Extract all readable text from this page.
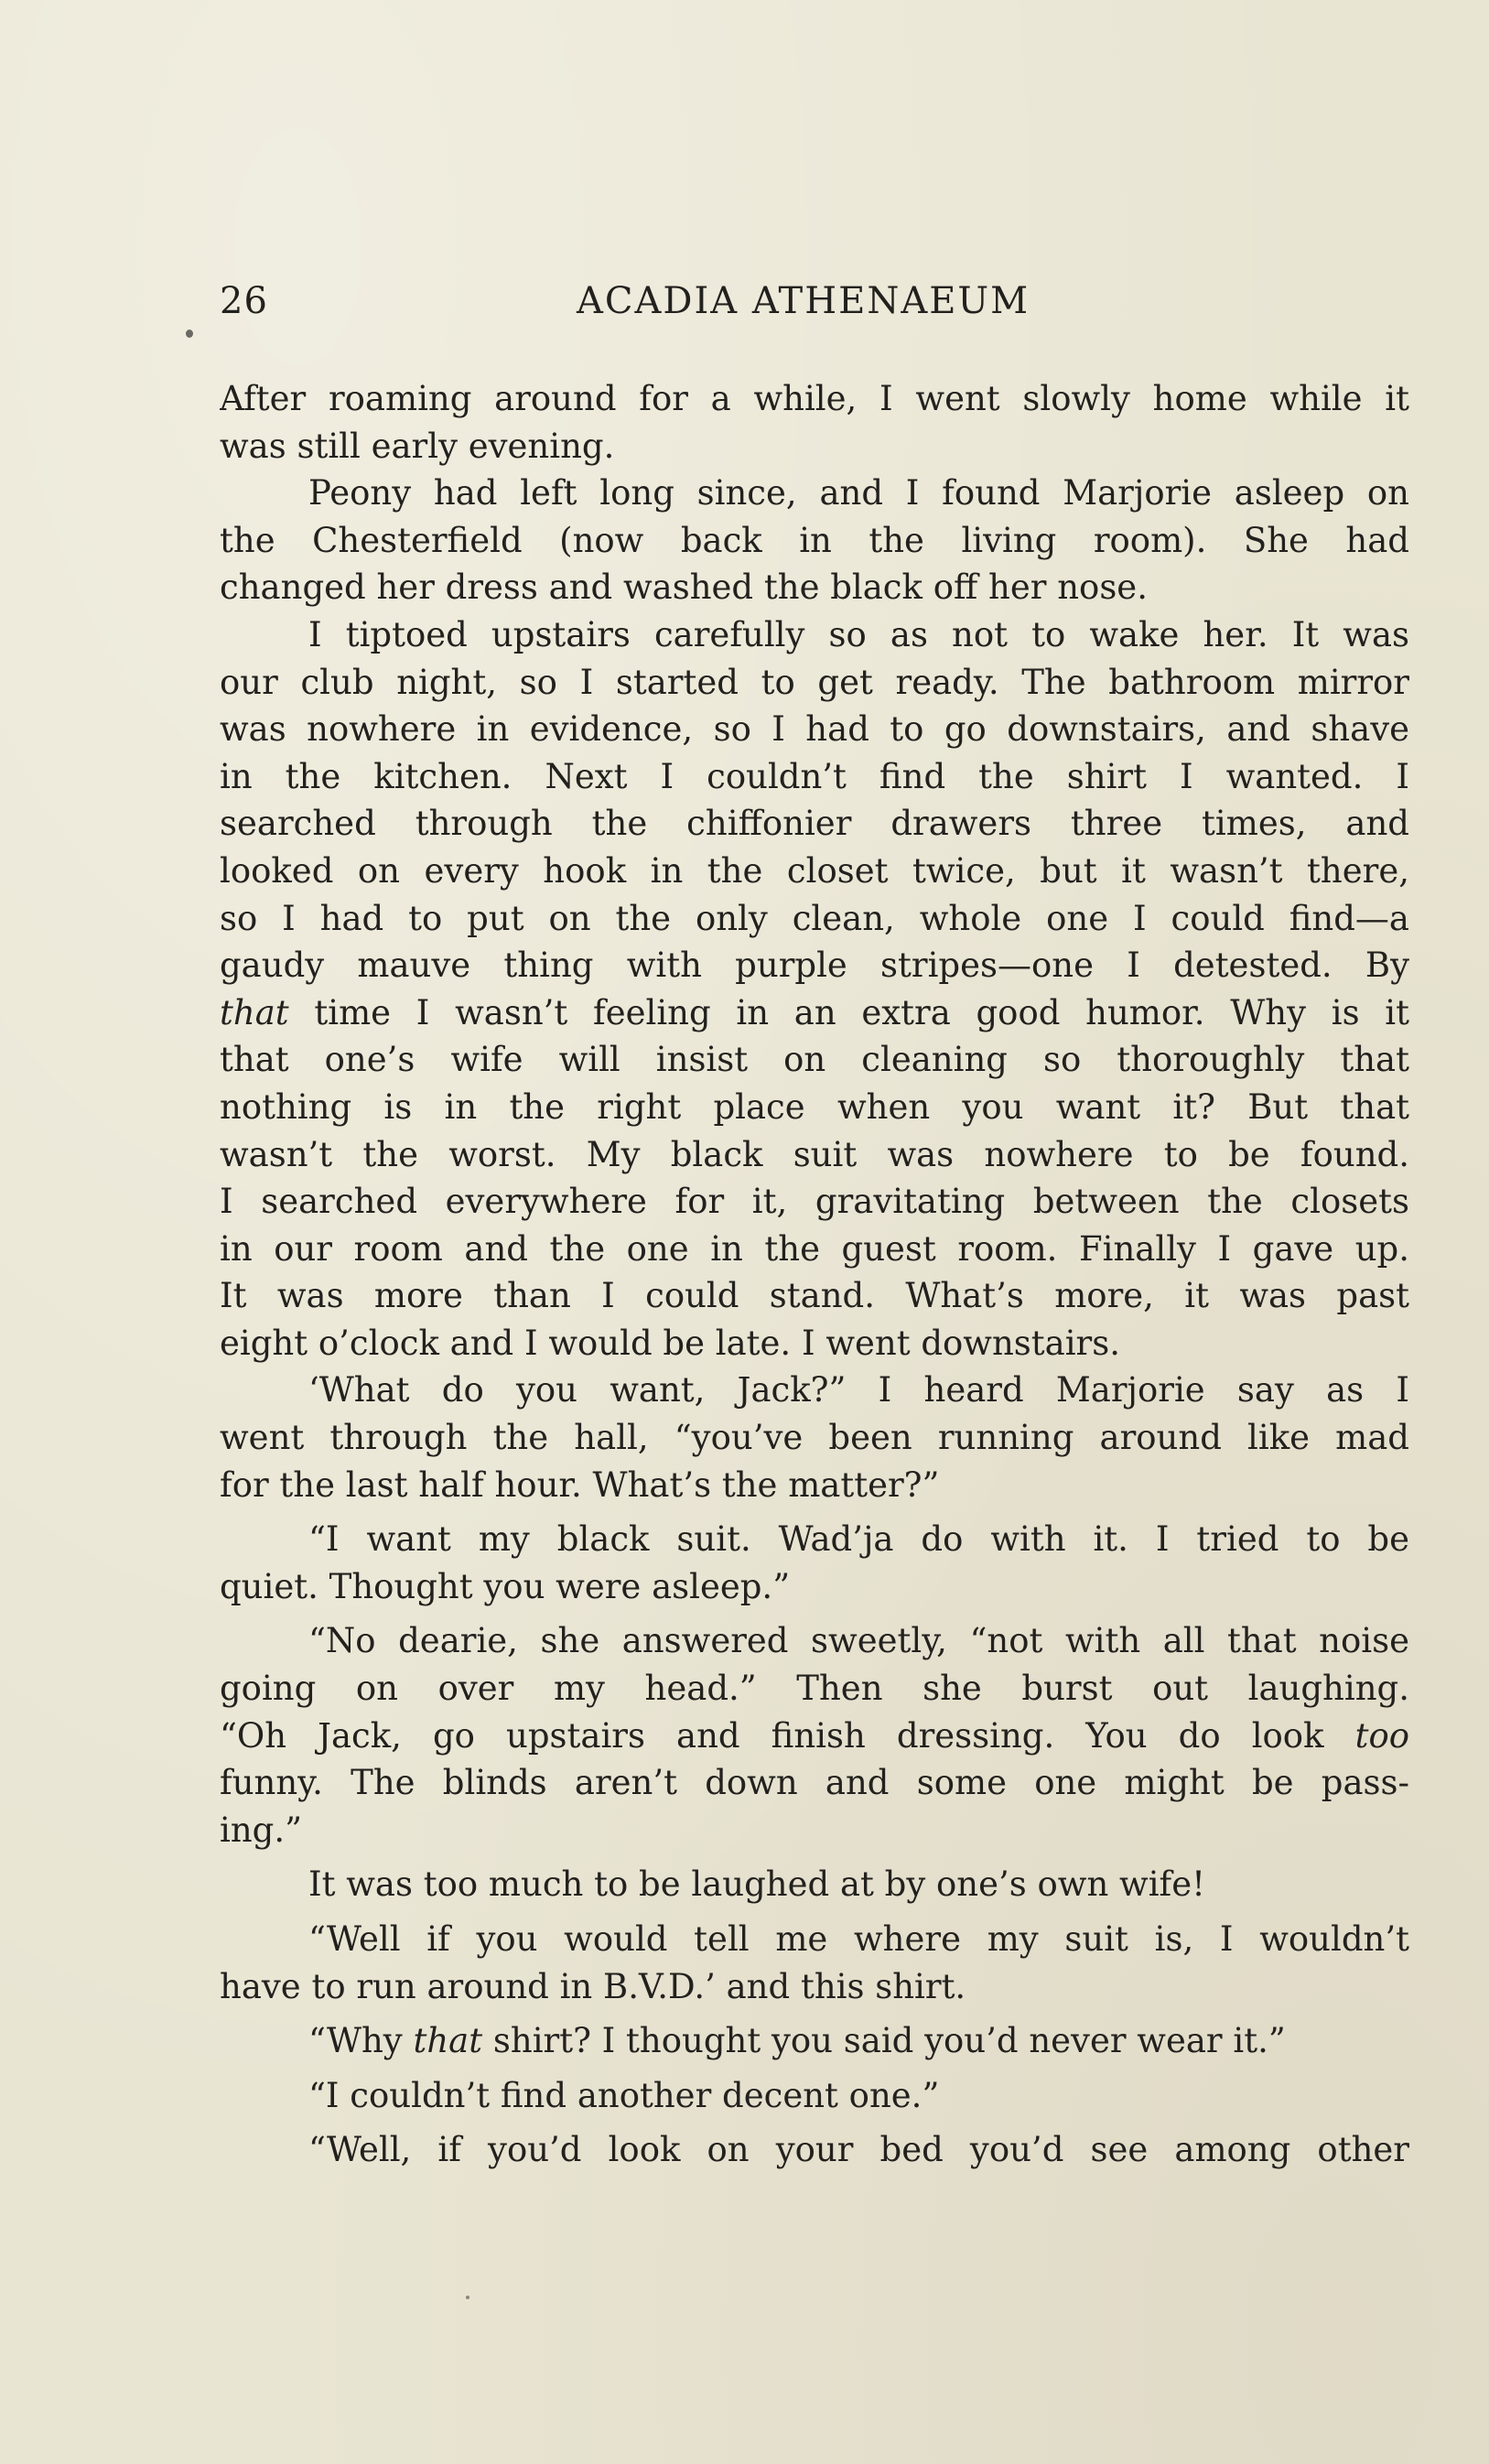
26	ACADIA ATHENAEUM
After roaming around for a while, I went slowly home while it
was still early evening.
Peony had left long since, and I found Marjorie asleep on
the Chesterfield (now back in the living room). She had
changed her dress and washed the black off her nose.
I tiptoed upstairs carefully so as not to wake her. It was
our club night, so I started to get ready. The bathroom mirror
was nowhere in evidence, so I had to go downstairs, and shave
in the kitchen. Next I couldn’t find the shirt I wanted. I
searched through the chiffonier drawers three times, and
looked on every hook in the closet twice, but it wasn’t there,
so I had to put on the only clean, whole one I could find—a
gaudy mauve thing with purple stripes—one I detested. By
that time I wasn’t feeling in an extra good humor. Why is it
that one’s wife will insist on cleaning so thoroughly that
nothing is in the right place when you want it? But that
wasn’t the worst. My black suit was nowhere to be found.
I searched everywhere for it, gravitating between the closets
in our room and the one in the guest room. Finally I gave up.
It was more than I could stand. What’s more, it was past
eight o’clock and I would be late. I went downstairs.
‘What do you want, Jack?” I heard Marjorie say as I
went through the hall, “you’ve been running around like mad
for the last half hour. What’s the matter?”
“I want my black suit. Wad’ja do with it. I tried to be
quiet. Thought you were asleep.”
“No dearie, she answered sweetly, “not with all that noise
going on over my head.” Then she burst out laughing.
“Oh Jack, go upstairs and finish dressing. You do look too
funny. The blinds aren’t down and some one might be pass-
ing.”
It was too much to be laughed at by one’s own wife!
“Well if you would tell me where my suit is, I wouldn’t
have to run around in B.V.D.’ and this shirt.
“Why that shirt? I thought you said you’d never wear it.”
“I couldn’t find another decent one.”
“Well, if you’d look on your bed you’d see among other
